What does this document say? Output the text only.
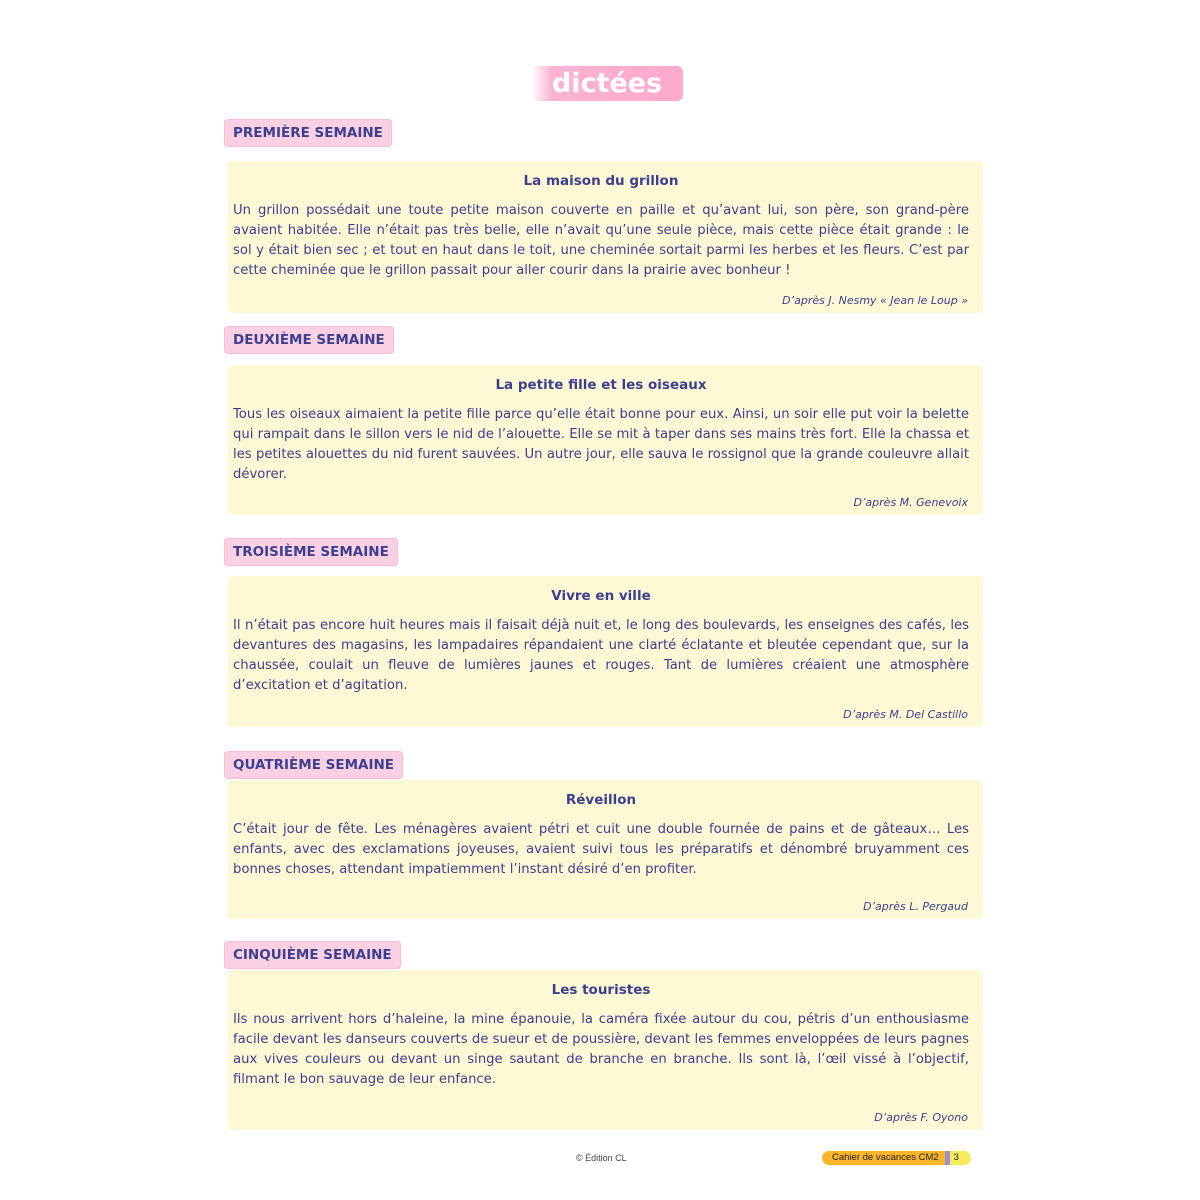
dictées
PREMIÈRE SEMAINE
La maison du grillon

Un grillon possédait une toute petite maison couverte en paille et qu’avant lui, son père, son grand-père avaient habitée. Elle n’était pas très belle, elle n’avait qu’une seule pièce, mais cette pièce était grande : le sol y était bien sec ; et tout en haut dans le toit, une cheminée sortait parmi les herbes et les fleurs. C’est par cette cheminée que le grillon passait pour aller courir dans la prairie avec bonheur !

D’après J. Nesmy « Jean le Loup »
DEUXIÈME SEMAINE
La petite fille et les oiseaux

Tous les oiseaux aimaient la petite fille parce qu’elle était bonne pour eux. Ainsi, un soir elle put voir la belette qui rampait dans le sillon vers le nid de l’alouette. Elle se mit à taper dans ses mains très fort. Elle la chassa et les petites alouettes du nid furent sauvées. Un autre jour, elle sauva le rossignol que la grande couleuvre allait dévorer.

D’après M. Genevoix
TROISIÈME SEMAINE
Vivre en ville

Il n’était pas encore huit heures mais il faisait déjà nuit et, le long des boulevards, les enseignes des cafés, les devantures des magasins, les lampadaires répandaient une clarté éclatante et bleutée cependant que, sur la chaussée, coulait un fleuve de lumières jaunes et rouges. Tant de lumières créaient une atmosphère d’excitation et d’agitation.

D’après M. Del Castillo
QUATRIÈME SEMAINE
Réveillon

C’était jour de fête. Les ménagères avaient pétri et cuit une double fournée de pains et de gâteaux… Les enfants, avec des exclamations joyeuses, avaient suivi tous les préparatifs et dénombré bruyamment ces bonnes choses, attendant impatiemment l’instant désiré d’en profiter.

D’après L. Pergaud
CINQUIÈME SEMAINE
Les touristes

Ils nous arrivent hors d’haleine, la mine épanouie, la caméra fixée autour du cou, pétris d’un enthousiasme facile devant les danseurs couverts de sueur et de poussière, devant les femmes enveloppées de leurs pagnes aux vives couleurs ou devant un singe sautant de branche en branche. Ils sont là, l’œil vissé à l’objectif, filmant le bon sauvage de leur enfance.

D’après F. Oyono
© Édition CL	Cahier de vacances CM2	3
